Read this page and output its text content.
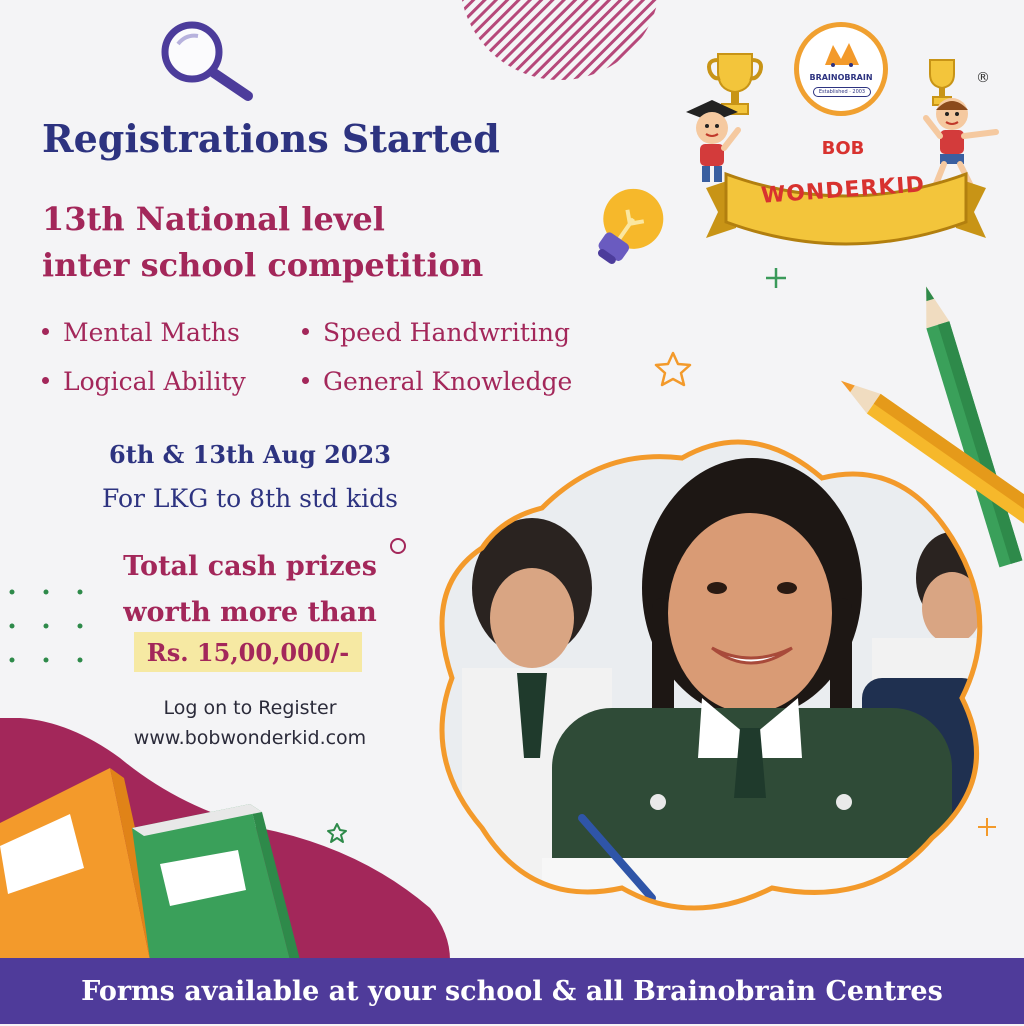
BRAINOBRAIN
Established · 2003
®
BOB
WONDERKID
Registrations Started
13th National level
inter school competition
Mental Maths	Speed Handwriting
Logical Ability	General Knowledge
6th & 13th Aug 2023
For LKG to 8th std kids
Total cash prizes
worth more than
Rs. 15,00,000/-
Log on to Register
www.bobwonderkid.com
Forms available at your school & all Brainobrain Centres
